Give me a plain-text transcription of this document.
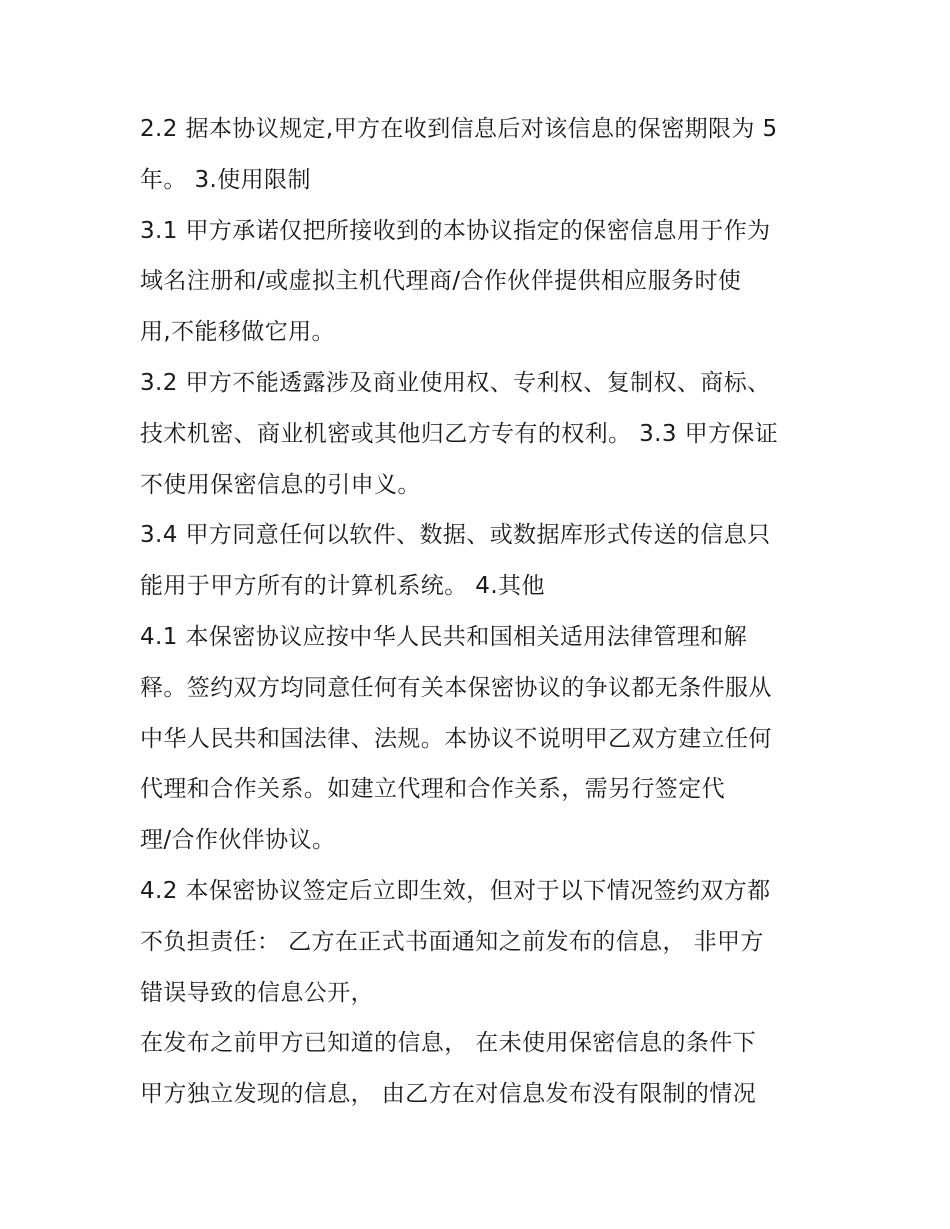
2.2 据本协议规定,甲方在收到信息后对该信息的保密期限为 5
年。 3.使用限制
3.1 甲方承诺仅把所接收到的本协议指定的保密信息用于作为
域名注册和/或虚拟主机代理商/合作伙伴提供相应服务时使
用,不能移做它用。
3.2 甲方不能透露涉及商业使用权、专利权、复制权、商标、
技术机密、商业机密或其他归乙方专有的权利。 3.3 甲方保证
不使用保密信息的引申义。
3.4 甲方同意任何以软件、数据、或数据库形式传送的信息只
能用于甲方所有的计算机系统。 4.其他
4.1 本保密协议应按中华人民共和国相关适用法律管理和解
释。签约双方均同意任何有关本保密协议的争议都无条件服从
中华人民共和国法律、法规。本协议不说明甲乙双方建立任何
代理和合作关系。如建立代理和合作关系，需另行签定代
理/合作伙伴协议。
4.2 本保密协议签定后立即生效，但对于以下情况签约双方都
不负担责任： 乙方在正式书面通知之前发布的信息， 非甲方
错误导致的信息公开，
在发布之前甲方已知道的信息， 在未使用保密信息的条件下
甲方独立发现的信息， 由乙方在对信息发布没有限制的情况
